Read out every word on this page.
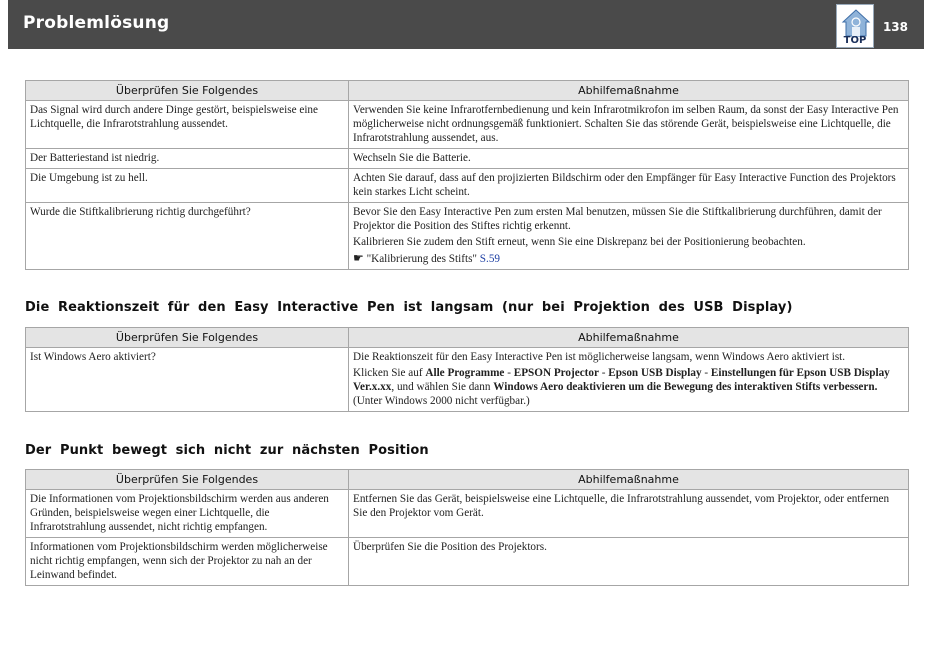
Problemlösung
TOP
138
Überprüfen Sie Folgendes	Abhilfemaßnahme
Das Signal wird durch andere Dinge gestört, beispielsweise eine Lichtquelle, die Infrarotstrahlung aussendet.	Verwenden Sie keine Infrarotfernbedienung und kein Infrarotmikrofon im selben Raum, da sonst der Easy Interactive Pen möglicherweise nicht ordnungsgemäß funktioniert. Schalten Sie das störende Gerät, beispielsweise eine Lichtquelle, die Infrarotstrahlung aussendet, aus.
Der Batteriestand ist niedrig.	Wechseln Sie die Batterie.
Die Umgebung ist zu hell.	Achten Sie darauf, dass auf den projizierten Bildschirm oder den Empfänger für Easy Interactive Function des Projektors kein starkes Licht scheint.
Wurde die Stiftkalibrierung richtig durchgeführt?	Bevor Sie den Easy Interactive Pen zum ersten Mal benutzen, müssen Sie die Stiftkalibrierung durchführen, damit der Projektor die Position des Stiftes richtig erkennt.

Kalibrieren Sie zudem den Stift erneut, wenn Sie eine Diskrepanz bei der Positionierung beobachten.

☛ "Kalibrierung des Stifts" S.59

Die Reaktionszeit für den Easy Interactive Pen ist langsam (nur bei Projektion des USB Display)
Überprüfen Sie Folgendes	Abhilfemaßnahme
Ist Windows Aero aktiviert?	Die Reaktionszeit für den Easy Interactive Pen ist möglicherweise langsam, wenn Windows Aero aktiviert ist.

Klicken Sie auf Alle Programme - EPSON Projector - Epson USB Display - Einstellungen für Epson USB Display Ver.x.xx, und wählen Sie dann Windows Aero deaktivieren um die Bewegung des interaktiven Stifts verbessern.
(Unter Windows 2000 nicht verfügbar.)

Der Punkt bewegt sich nicht zur nächsten Position
Überprüfen Sie Folgendes	Abhilfemaßnahme
Die Informationen vom Projektionsbildschirm werden aus anderen Gründen, beispielsweise wegen einer Lichtquelle, die Infrarotstrahlung aussendet, nicht richtig empfangen.	Entfernen Sie das Gerät, beispielsweise eine Lichtquelle, die Infrarotstrahlung aussendet, vom Projektor, oder entfernen Sie den Projektor vom Gerät.
Informationen vom Projektionsbildschirm werden möglicherweise nicht richtig empfangen, wenn sich der Projektor zu nah an der Leinwand befindet.	Überprüfen Sie die Position des Projektors.
